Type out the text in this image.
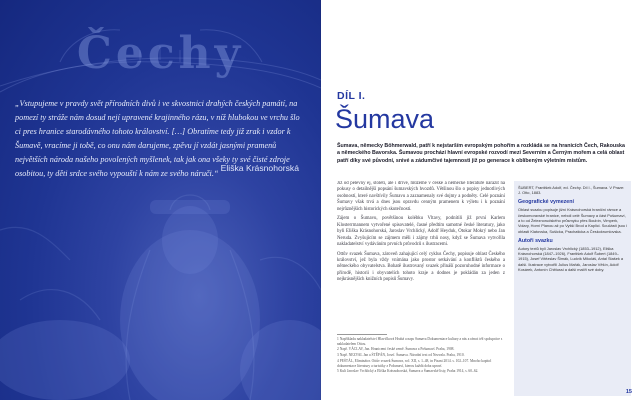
Čechy

„Vstupujeme v pravdy svět přírodních divů i ve skvostnici drahých českých památí, na pomezí ty stráže nám dosud nejí upravené krajinného rázu, v níž hlubokou ve vrchu šlo ci pres hranice starodávného tohoto království. […] Obratíme tedy již zrak i vzdor k Šumavě, vracíme ji tobě, co onu nám darujeme, zpěvu jí vzdát jasnými pramenů největších národa našeho povolených myšlenek, tak jak ona všeky ty své čisté zdroje osobitou, ty děti srdce svého vypouští k nám ze svého náruči.“

Eliška Krásnohorská
DÍL I.
Šumava

Šumava, německy Böhmerwald, patří k nejstarším evropským pohořím a rozkládá se na hranicích Čech, Rakouska a německého Bavorska. Šumavou prochází hlavní evropské rozvodí mezi Severním a Černým mořem a celá oblast patří díky své původní, snivé a zádumčivé tajemnosti již po generace k oblíbeným výletním místům.

Již od pelevny ej, století, ale i dříve, můžeme v české a německé literatuře narazit na pokusy o detailnější popsání šumavských hvozdů. Většinou šlo o popisy jednotlivých osobností, které navštívily Šumavu a zaznamenaly své dojmy a podněty. Celé poznání Šumavy však trvá a dnes jsou opravdu cenným pramenem k výletu i k poznání nejrůznějších historických skutečností.

Zájem o Šumavu, povětšinou kolébku Vltavy, podnítili již první Karlem Klosterrmannem vytvořené spisovatelé, časné předtím samotné české literatury, jako byli Eliška Krásnohorská, Jaroslav Vrchlický, Adolf Heyduk, Otokar Mokrý nebo Jan Neruda. Zvyšujícím se zájmem měli i zájmy trhů nosy, když se Šumava vytvořila nakladatelství vydáváním prvních průvodců s ilustracemi.

Ottův svazek Šumava, zároveň zahajující celý cyklus Čechy, popisuje oblast Českého království, jež byla vždy vnímána jako prostor setkávání a konfliktů českého a německého obyvatelstva. Bohatě ilustrovaný svazek přináší pozoruhodné informace o přírodě, historii i obyvatelích tohoto kraje a dodnes je pokládán za jeden z nejkrásnějších knižních popisů Šumavy.

1 Napříkladu nakladatelství Hlavičková Hrubá a naps Šumava Dokumentace kultury a nás a rámci též spolupráce s nakladatelem Ottou.

2 Např. VÁCLAV, Jan. Hranicemi české země. Šumava a Pošumaví. Praha, 1908.

3 Např. NEZVAL Jan a ŠTĚPÁN, Josef. Šumava. Národní text od Nezvala. Praha, 1910.

4 PEŠTÁL, Eliminátor. Ottův svazek Šumava, roč. XII, s. 1–48, in Pisani 2014. s. 102–107. Mnoho kapitol dokumentace literatury a turistiky z Pošumaví, kterou každá doba upraví.

5 Kult Jaroslav Vrchlický a Eliška Krásnohorská, Šumava a Šumavské listy, Praha 1914, s. 60–62.

ŠUBERT, František Adolf, ed. Čechy. Díl I., Šumava. V Praze: J. Otto, 1883.

Geografické vymezení

Oblast svazku popisuje jižní Krásnohorská hraniční rámce a českomoravské hranice, neboli celé Šumavy a část Pošumaví, a to od Železnorudského průsmyku přes Boubín, Vimperk, Volary, Horní Planou až po Vyšší Brod a Kaplici. Součástí jsou i oblasti Klatovska, Sušicka, Prachaticka a Českokrumlovska.

Autoři svazku

Autory textů byli Jaroslav Vrchlický (1853–1912), Eliška Krásnohorská (1847–1926), František Adolf Šubert (1849–1915), Josef Vítězslav Šimák, Ludvík Mikoláš, Antal Stašek a další. Ilustrace vytvořili Julius Mařák, Jaroslav Věšín, Adolf Kosárek, Antonín Chittussi a další malíři své doby.

15
